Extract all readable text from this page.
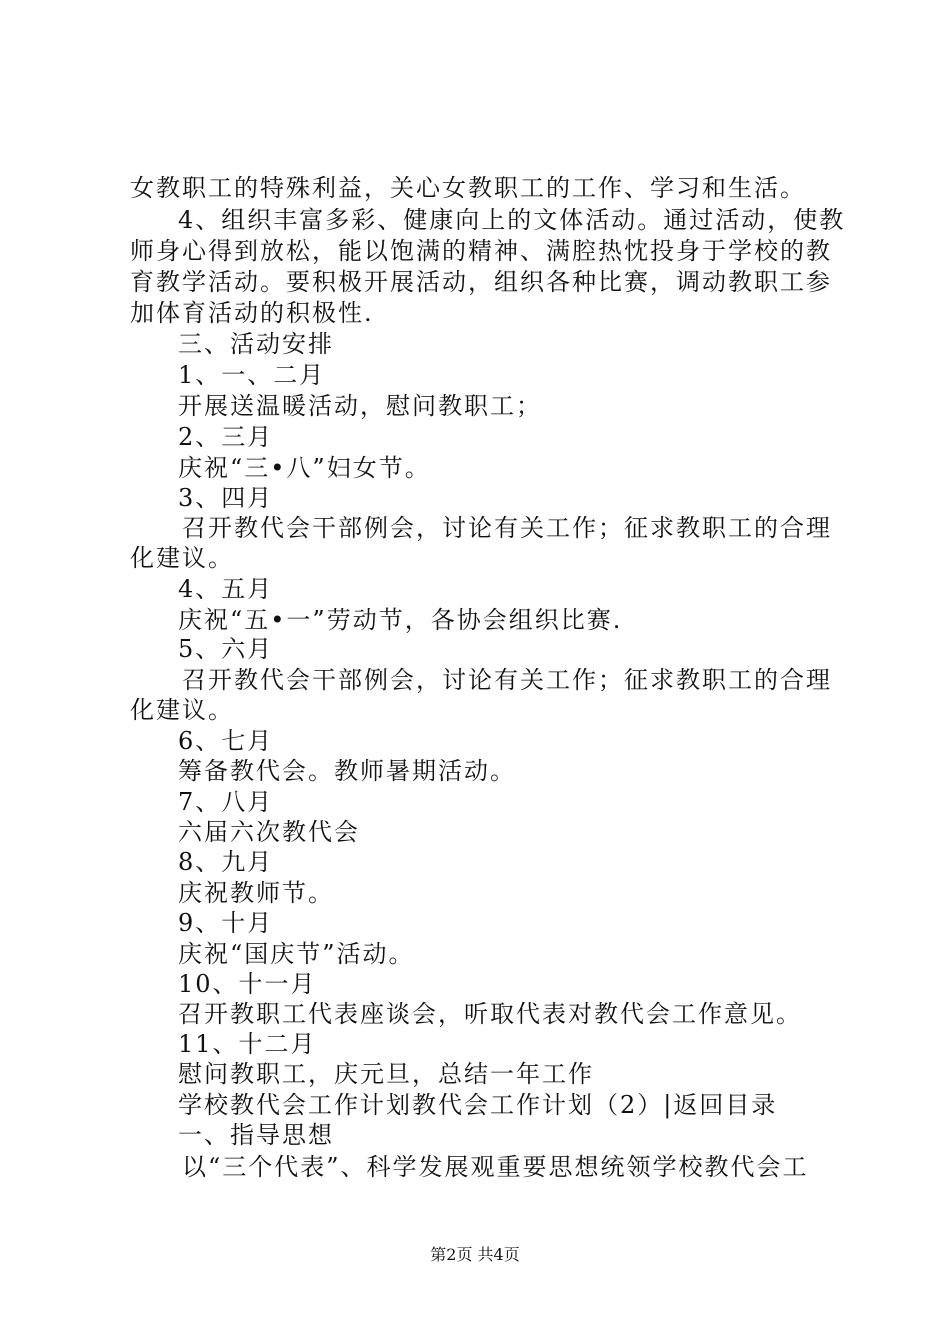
女教职工的特殊利益，关心女教职工的工作、学习和生活。
4、组织丰富多彩、健康向上的文体活动。通过活动，使教
师身心得到放松，能以饱满的精神、满腔热忱投身于学校的教
育教学活动。要积极开展活动，组织各种比赛，调动教职工参
加体育活动的积极性.
三、活动安排
1、一、二月
开展送温暖活动，慰问教职工；
2、三月
庆祝“三•八”妇女节。
3、四月
召开教代会干部例会，讨论有关工作；征求教职工的合理
化建议。
4、五月
庆祝“五•一”劳动节，各协会组织比赛.
5、六月
召开教代会干部例会，讨论有关工作；征求教职工的合理
化建议。
6、七月
筹备教代会。教师暑期活动。
7、八月
六届六次教代会
8、九月
庆祝教师节。
9、十月
庆祝“国庆节”活动。
10、十一月
召开教职工代表座谈会，听取代表对教代会工作意见。
11、十二月
慰问教职工，庆元旦，总结一年工作
学校教代会工作计划教代会工作计划（2）|返回目录
一、指导思想
以“三个代表”、科学发展观重要思想统领学校教代会工
第2页 共4页
